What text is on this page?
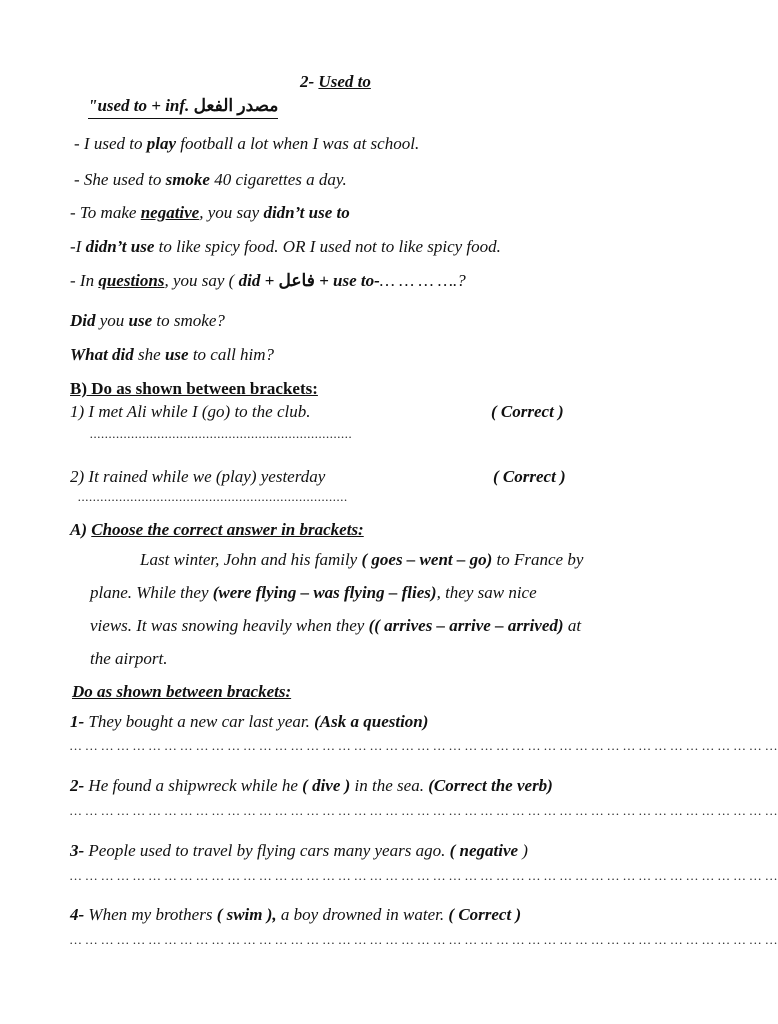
2- Used to
"used to + inf. مصدر الفعل
- I used to play football a lot when I was at school.
- She used to smoke 40 cigarettes a day.
- To make negative, you say didn’t use to
-I didn’t use to like spicy food. OR I used not to like spicy food.
- In questions, you say ( did + فاعل + use to-… … … ….?
Did you use to smoke?
What did she use to call him?
B) Do as shown between brackets:
1) I met Ali while I (go) to the club.	( Correct )
......................................................................
2) It rained while we (play) yesterday	( Correct )
........................................................................
A) Choose the correct answer in brackets:
Last winter, John and his family ( goes – went – go) to France by
plane. While they (were flying – was flying – flies), they saw nice
views. It was snowing heavily when they (( arrives – arrive – arrived) at
the airport.
Do as shown between brackets:
1- They bought a new car last year. (Ask a question)
… … … … … … … … … … … … … … … … … … … … … … … … … … … … … … … … … … … … … … … … … … … … …
2- He found a shipwreck while he ( dive ) in the sea. (Correct the verb)
… … … … … … … … … … … … … … … … … … … … … … … … … … … … … … … … … … … … … … … … … … … … …
3- People used to travel by flying cars many years ago. ( negative )
… … … … … … … … … … … … … … … … … … … … … … … … … … … … … … … … … … … … … … … … … … … … …
4- When my brothers ( swim ), a boy drowned in water. ( Correct )
… … … … … … … … … … … … … … … … … … … … … … … … … … … … … … … … … … … … … … … … … … … … …
